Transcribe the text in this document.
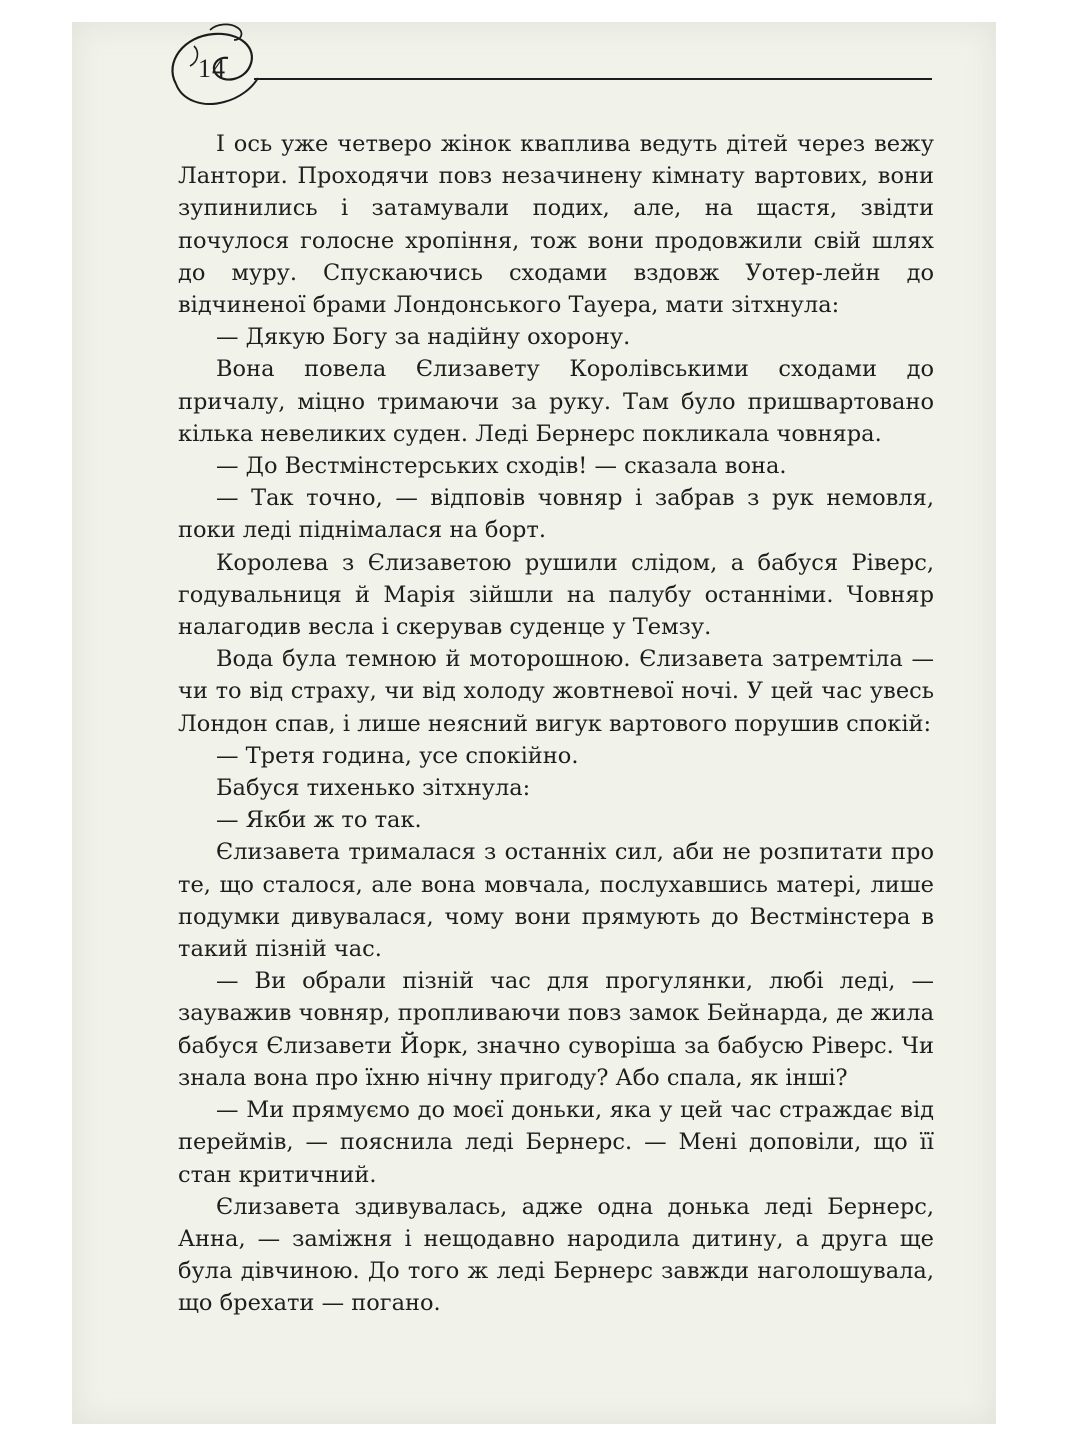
14

І ось уже четверо жінок кваплива ведуть дітей через вежу Лантори. Проходячи повз незачинену кімнату вартових, вони зупинились і затамували подих, але, на щастя, звідти почулося голосне хропіння, тож вони продовжили свій шлях до муру. Спускаючись сходами вздовж Уотер-лейн до відчиненої брами Лондонського Тауера, мати зітхнула:

— Дякую Богу за надійну охорону.

Вона повела Єлизавету Королівськими сходами до причалу, міцно тримаючи за руку. Там було пришвартовано кілька невеликих суден. Леді Бернерс покликала човняра.

— До Вестмінстерських сходів! — сказала вона.

— Так точно, — відповів човняр і забрав з рук немовля, поки леді піднімалася на борт.

Королева з Єлизаветою рушили слідом, а бабуся Ріверс, годувальниця й Марія зійшли на палубу останніми. Човняр налагодив весла і скерував суденце у Темзу.

Вода була темною й моторошною. Єлизавета затремтіла — чи то від страху, чи від холоду жовтневої ночі. У цей час увесь Лондон спав, і лише неясний вигук вартового порушив спокій:

— Третя година, усе спокійно.

Бабуся тихенько зітхнула:

— Якби ж то так.

Єлизавета трималася з останніх сил, аби не розпитати про те, що сталося, але вона мовчала, послухавшись матері, лише подумки дивувалася, чому вони прямують до Вестмінстера в такий пізній час.

— Ви обрали пізній час для прогулянки, любі леді, — зауважив човняр, пропливаючи повз замок Бейнарда, де жила бабуся Єлизавети Йорк, значно суворіша за бабусю Ріверс. Чи знала вона про їхню нічну пригоду? Або спала, як інші?

— Ми прямуємо до моєї доньки, яка у цей час страждає від переймів, — пояснила леді Бернерс. — Мені доповіли, що її стан критичний.

Єлизавета здивувалась, адже одна донька леді Бернерс, Анна, — заміжня і нещодавно народила дитину, а друга ще була дівчиною. До того ж леді Бернерс завжди наголошувала, що брехати — погано.
